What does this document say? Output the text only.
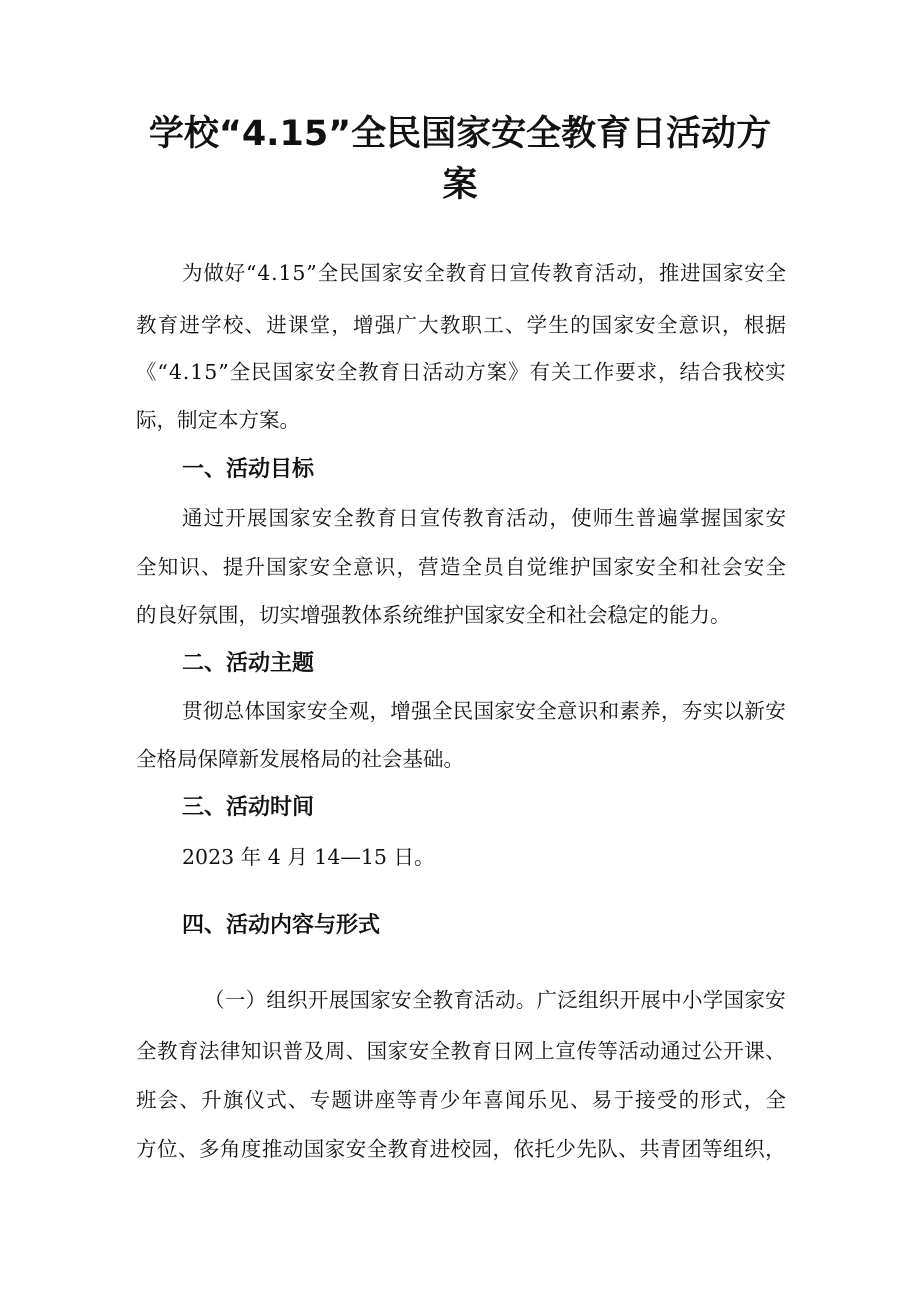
学校“4.15”全民国家安全教育日活动方
案

为 做 好 “ 4 . 1 5 ” 全 民 国 家 安 全 教 育 日 宣 传 教 育 活 动 ， 推 进 国 家 安 全

教 育 进 学 校 、 进 课 堂 ， 增 强 广 大 教 职 工 、 学 生 的 国 家 安 全 意 识 ， 根 据

《 “ 4 . 1 5 ” 全 民 国 家 安 全 教 育 日 活 动 方 案 》 有 关 工 作 要 求 ， 结 合 我 校 实

际，制定本方案。

一、活动目标

通 过 开 展 国 家 安 全 教 育 日 宣 传 教 育 活 动 ， 使 师 生 普 遍 掌 握 国 家 安

全 知 识 、 提 升 国 家 安 全 意 识 ， 营 造 全 员 自 觉 维 护 国 家 安 全 和 社 会 安 全

的良好氛围，切实增强教体系统维护国家安全和社会稳定的能力。

二、活动主题

贯 彻 总 体 国 家 安 全 观 ， 增 强 全 民 国 家 安 全 意 识 和 素 养 ， 夯 实 以 新 安

全格局保障新发展格局的社会基础。

三、活动时间

2023 年 4 月 14—15 日。

四、活动内容与形式

（ 一 ） 组 织 开 展 国 家 安 全 教 育 活 动 。 广 泛 组 织 开 展 中 小 学 国 家 安

全 教 育 法 律 知 识 普 及 周 、 国 家 安 全 教 育 日 网 上 宣 传 等 活 动 通 过 公 开 课 、

班 会 、 升 旗 仪 式 、 专 题 讲 座 等 青 少 年 喜 闻 乐 见 、 易 于 接 受 的 形 式 ， 全

方 位 、 多 角 度 推 动 国 家 安 全 教 育 进 校 园 ， 依 托 少 先 队 、 共 青 团 等 组 织 ，
